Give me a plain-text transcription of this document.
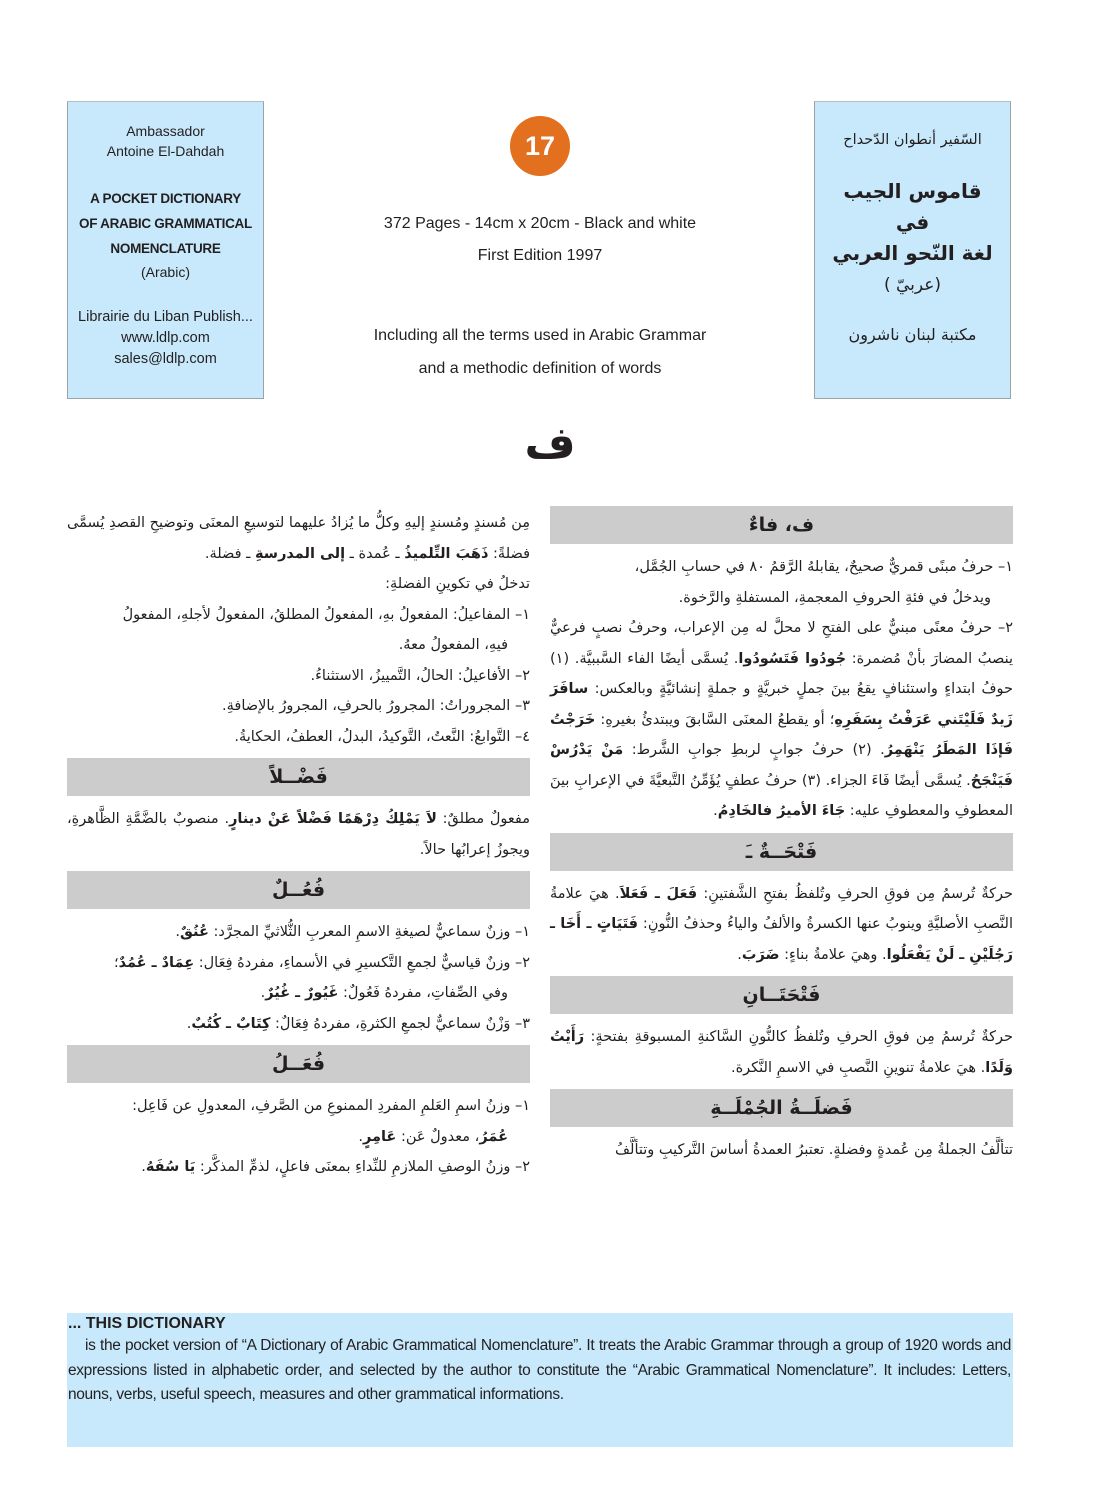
Ambassador
Antoine El-Dahdah
A POCKET DICTIONARY
OF ARABIC GRAMMATICAL
NOMENCLATURE
(Arabic)
Librairie du Liban Publish...
www.ldlp.com
sales@ldlp.com
17
372 Pages - 14cm x 20cm - Black and white
First Edition 1997
Including all the terms used in Arabic Grammar
and a methodic definition of words
السّفير أنطوان الدّحداح
قاموس الجيب
في
لغة النّحو العربي
(عربيّ )
مكتبة لبنان ناشرون
ف
ف، فاءٌ

١– حرفُ مبنًى قمريٌّ صحيحٌ، يقابلهُ الرَّقمُ ٨٠ في حسابِ الجُمَّل،

ويدخلُ في فئةِ الحروفِ المعجمةِ، المستفلةِ والرَّخوة.

٢– حرفُ معنًى مبنيٌّ على الفتحِ لا محلَّ له مِن الإعراب، وحرفُ نصبٍ فرعيٌّ ينصبُ المضارَ بأنْ مُضمرة: جُودُوا فَتَسُودُوا. يُسمَّى أيضًا الفاء السَّببيَّة. (١) حوفُ ابتداءٍ واستئنافٍ يقعُ بينَ جملٍ خبريَّةٍ و جملةٍ إنشائيَّةٍ وبالعكس: سافَرَ زَيدٌ فَلَيْتَني عَرَفْتُ بِسَفَرِهِ؛ أو يقطعُ المعنَى السَّابقَ ويبتدئُ بغيرهِ: خَرَجْتُ فَإذَا المَطَرُ يَنْهَمِرُ. (٢) حرفُ جوابٍ لربطِ جوابِ الشَّرط: مَنْ يَدْرُسْ فَيَنْجَحُ. يُسمَّى أيضًا فَاءَ الجزاء. (٣) حرفُ عطفٍ يُؤَمِّنُ التَّبعيَّةَ في الإعرابِ بينَ المعطوفِ والمعطوفِ عليه: جَاءَ الأميرُ فالخَادِمُ.

فَتْحَــةٌ ـَ

حركةٌ تُرسمُ مِن فوقِ الحرفِ وتُلفظُ بفتحِ الشَّفتينِ: فَعَلَ ـ فَعَلاَ. هيَ علامةُ النَّصبِ الأصليَّةِ وينوبُ عنها الكسرةُ والألفُ والياءُ وحذفُ النُّونِ: فَتَيَاتٍ ـ أَخَا ـ رَجُلَيْنِ ـ لَنْ يَفْعَلُوا. وهيَ علامةُ بناءٍ: ضَرَبَ.

فَتْحَتَــانِ

حركةٌ تُرسمُ مِن فوقِ الحرفِ وتُلفظُ كالنُّونِ السَّاكنةِ المسبوقةِ بفتحةٍ: رَأَيْتُ وَلَدًا. هيَ علامةُ تنوينِ النَّصبِ في الاسمِ النَّكرة.

فَضلَــةُ الجُمْلَــةِ

تتألَّفُ الجملةُ مِن عُمدةٍ وفضلةٍ. تعتبرُ العمدةُ أساسَ التَّركيبِ وتتألَّفُ

مِن مُسندٍ ومُسندٍ إليهِ وكلُّ ما يُزادُ عليهما لتوسيعِ المعنَى وتوضيحِ القصدِ يُسمَّى فضلةً: ذَهَبَ التِّلميذُ ـ عُمدة ـ إلى المدرسةِ ـ فضلة.

تدخلُ في تكوينِ الفضلةِ:

١– المفاعيلُ: المفعولُ بهِ، المفعولُ المطلقُ، المفعولُ لأجلهِ، المفعولُ

فيهِ، المفعولُ معهُ.

٢– الأفاعيلُ: الحالُ، التَّمييزُ، الاستثناءُ.

٣– المجروراتُ: المجرورُ بالحرفِ، المجرورُ بالإضافةِ.

٤– التَّوابعُ: النَّعتُ، التَّوكيدُ، البدلُ، العطفُ، الحكايةُ.

فَضْــلاً

مفعولٌ مطلقٌ: لاَ يَمْلِكُ دِرْهَمًا فَضْلاً عَنْ دينارٍ. منصوبٌ بالضَّمَّةِ الظَّاهرةِ، ويجوزُ إعرابُها حالاً.

فُعُــلٌ

١– وزنٌ سماعيٌّ لصيغةِ الاسمِ المعربِ الثُّلاثيِّ المجرَّد: عُنُقٌ.

٢– وزنٌ قياسيٌّ لجمعِ التَّكسيرِ في الأسماءِ، مفردهُ فِعَال: عِمَادٌ ـ عُمُدٌ؛

وفي الصِّفاتِ، مفردهُ فَعُولٌ: غَيُورٌ ـ غُيُرٌ.

٣– وَزْنٌ سماعيٌّ لجمعِ الكثرةِ، مفردهُ فِعَالٌ: كِتَابٌ ـ كُتُبٌ.

فُعَــلُ

١– وزنُ اسمِ العَلمِ المفردِ الممنوعِ من الصَّرفِ، المعدولِ عن فَاعِل:

عُمَرُ، معدولٌ عَن: عَامِرٍ.

٢– وزنُ الوصفِ الملازمِ للنِّداءِ بمعنَى فاعلٍ، لذمِّ المذكَّر: يَا سُفَهُ.

... THIS DICTIONARY
is the pocket version of “A Dictionary of Arabic Grammatical Nomenclature”. It treats the Arabic Grammar through a group of 1920 words and expressions listed in alphabetic order, and selected by the author to constitute the “Arabic Grammatical Nomenclature”. It includes: Letters, nouns, verbs, useful speech, measures and other grammatical informations.
